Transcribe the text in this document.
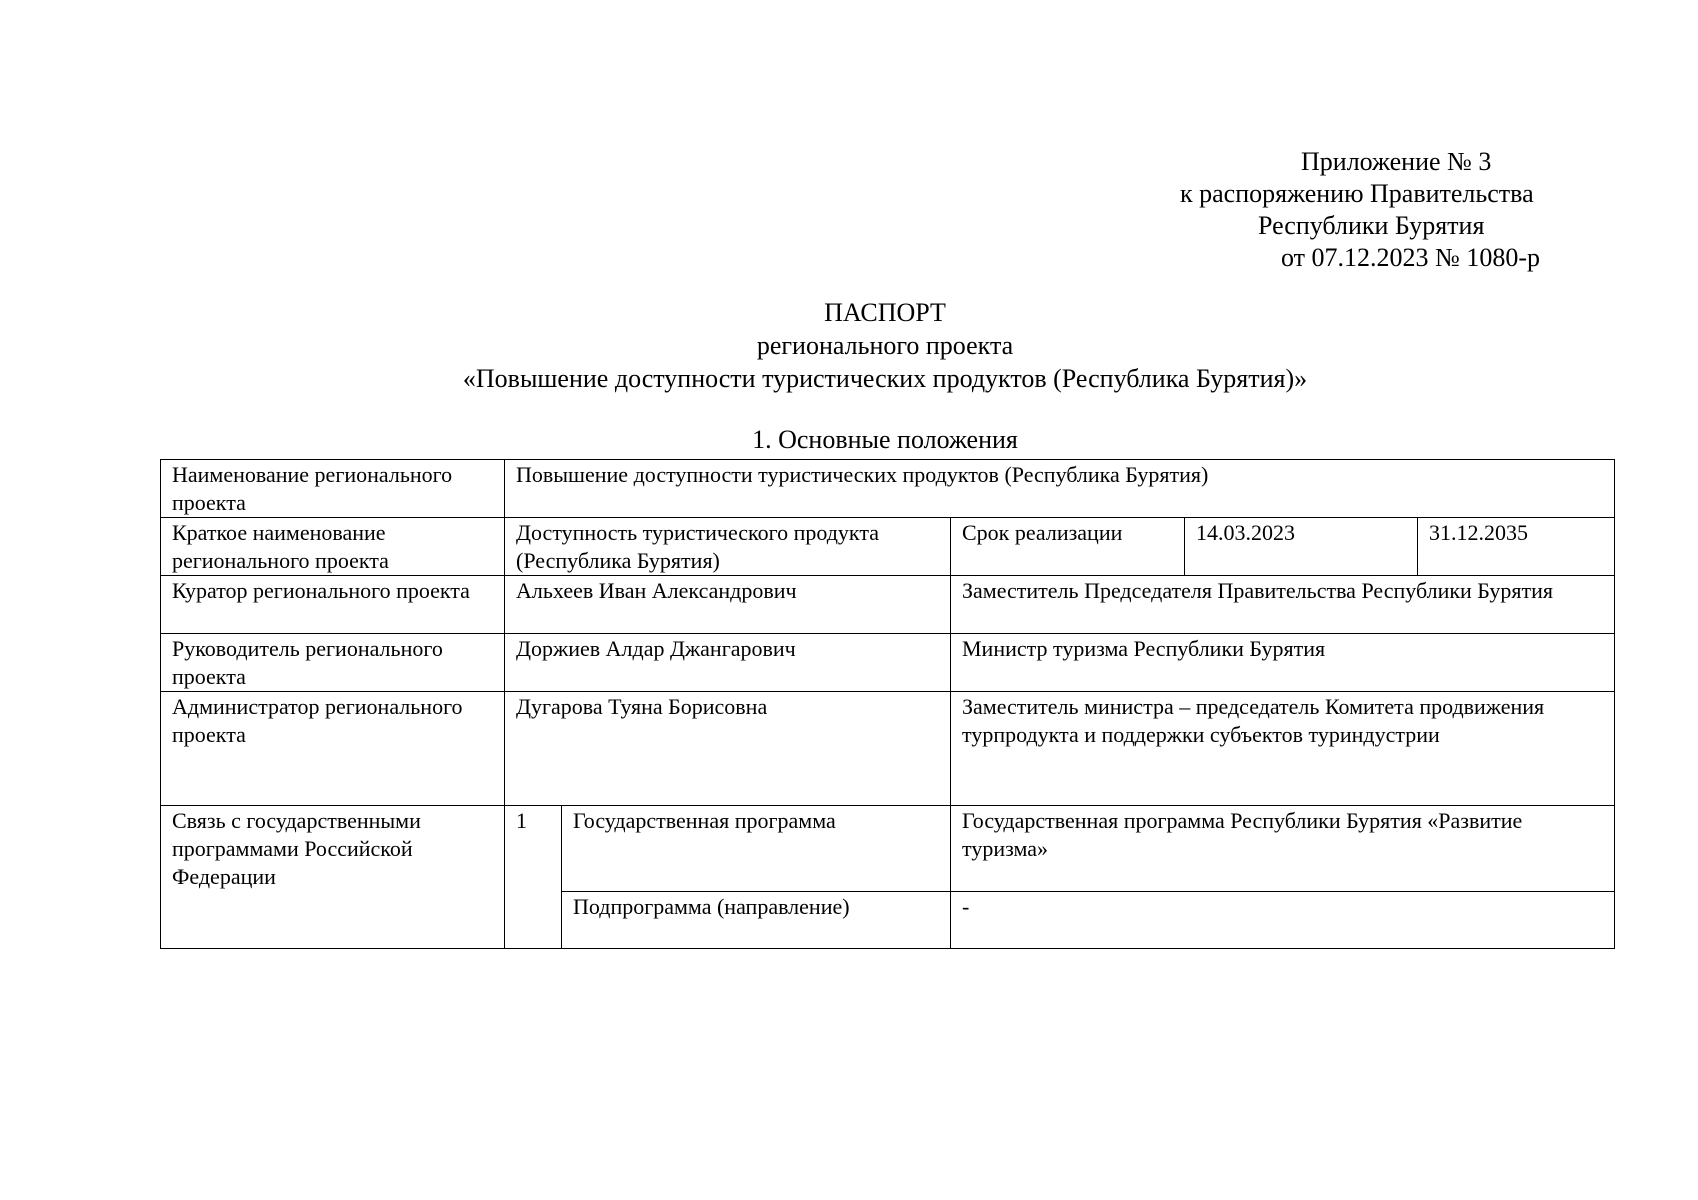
Приложение № 3
к распоряжению Правительства
Республики Бурятия
от 07.12.2023 № 1080-р
ПАСПОРТ
регионального проекта
«Повышение доступности туристических продуктов (Республика Бурятия)»
1. Основные положения
Наименование регионального проекта	Повышение доступности туристических продуктов (Республика Бурятия)				
Краткое наименование регионального проекта	Доступность туристического продукта (Республика Бурятия)		Срок реализации	14.03.2023	31.12.2035
Куратор регионального проекта	Альхеев Иван Александрович		Заместитель Председателя Правительства Республики Бурятия		
Руководитель регионального проекта	Доржиев Алдар Джангарович		Министр туризма Республики Бурятия		
Администратор регионального проекта	Дугарова Туяна Борисовна		Заместитель министра – председатель Комитета продвижения турпродукта и поддержки субъектов туриндустрии		
Связь с государственными программами Российской Федерации	1	Государственная программа	Государственная программа Республики Бурятия «Развитие туризма»		
		Подпрограмма (направление)	-		
